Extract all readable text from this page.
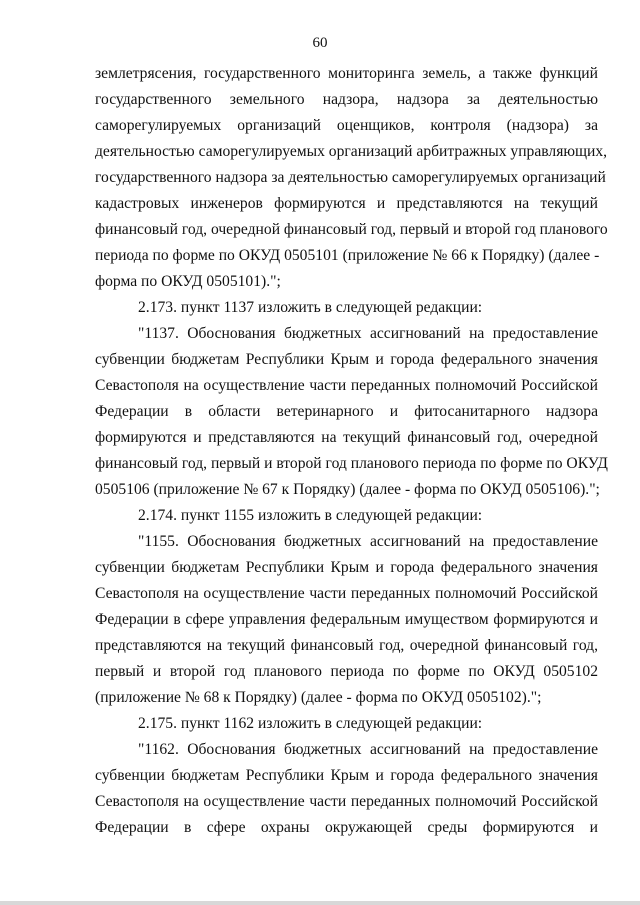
60
землетрясения, государственного мониторинга земель, а также функций
государственного земельного надзора, надзора за деятельностью
саморегулируемых организаций оценщиков, контроля (надзора) за
деятельностью саморегулируемых организаций арбитражных управляющих,
государственного надзора за деятельностью саморегулируемых организаций
кадастровых инженеров формируются и представляются на текущий
финансовый год, очередной финансовый год, первый и второй год планового
периода по форме по ОКУД 0505101 (приложение № 66 к Порядку) (далее -
форма по ОКУД 0505101).";
2.173. пункт 1137 изложить в следующей редакции:
"1137. Обоснования бюджетных ассигнований на предоставление
субвенции бюджетам Республики Крым и города федерального значения
Севастополя на осуществление части переданных полномочий Российской
Федерации в области ветеринарного и фитосанитарного надзора
формируются и представляются на текущий финансовый год, очередной
финансовый год, первый и второй год планового периода по форме по ОКУД
0505106 (приложение № 67 к Порядку) (далее - форма по ОКУД 0505106).";
2.174. пункт 1155 изложить в следующей редакции:
"1155. Обоснования бюджетных ассигнований на предоставление
субвенции бюджетам Республики Крым и города федерального значения
Севастополя на осуществление части переданных полномочий Российской
Федерации в сфере управления федеральным имуществом формируются и
представляются на текущий финансовый год, очередной финансовый год,
первый и второй год планового периода по форме по ОКУД 0505102
(приложение № 68 к Порядку) (далее - форма по ОКУД 0505102).";
2.175. пункт 1162 изложить в следующей редакции:
"1162. Обоснования бюджетных ассигнований на предоставление
субвенции бюджетам Республики Крым и города федерального значения
Севастополя на осуществление части переданных полномочий Российской
Федерации в сфере охраны окружающей среды формируются и
